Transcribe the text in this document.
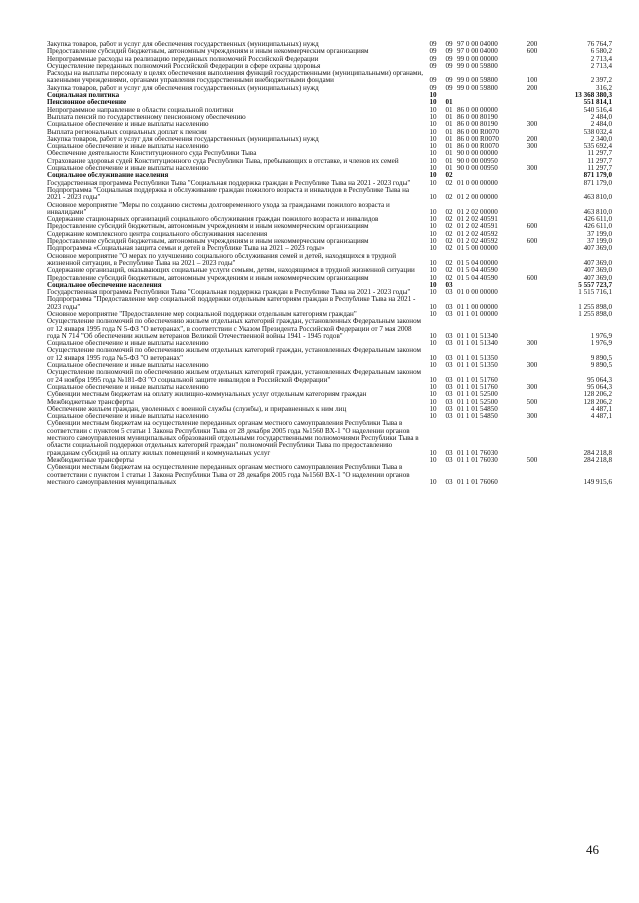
Закупка товаров, работ и услуг для обеспечения государственных (муниципальных) нужд	09	09	97 0 00 04000	200	76 764,7
Предоставление субсидий бюджетным, автономным учреждениям и иным некоммерческим организациям	09	09	97 0 00 04000	600	6 580,2
Непрограммные расходы на реализацию переданных полномочий Российской Федерации	09	09	99 0 00 00000		2 713,4
Осуществление переданных полномочий Российской Федерации в сфере охраны здоровья	09	09	99 0 00 59800		2 713,4
Расходы на выплаты персоналу в целях обеспечения выполнения функций государственными (муниципальными) органами, казенными учреждениями, органами управления государственными внебюджетными фондами	09	09	99 0 00 59800	100	2 397,2
Закупка товаров, работ и услуг для обеспечения государственных (муниципальных) нужд	09	09	99 0 00 59800	200	316,2
Социальная политика	10				13 368 380,3
Пенсионное обеспечение	10	01			551 814,1
Непрограммное направление в области социальной политики	10	01	86 0 00 00000		540 516,4
Выплата пенсий по государственному пенсионному обеспечению	10	01	86 0 00 80190		2 484,0
Социальное обеспечение и иные выплаты населению	10	01	86 0 00 80190	300	2 484,0
Выплата региональных социальных доплат к пенсии	10	01	86 0 00 R0070		538 032,4
Закупка товаров, работ и услуг для обеспечения государственных (муниципальных) нужд	10	01	86 0 00 R0070	200	2 340,0
Социальное обеспечение и иные выплаты населению	10	01	86 0 00 R0070	300	535 692,4
Обеспечение деятельности Конституционного суда Республики Тыва	10	01	90 0 00 00000		11 297,7
Страхование здоровья судей Конституционного суда Республики Тыва, пребывающих в отставке, и членов их семей	10	01	90 0 00 00950		11 297,7
Социальное обеспечение и иные выплаты населению	10	01	90 0 00 00950	300	11 297,7
Социальное обслуживание населения	10	02			871 179,0
Государственная программа Республики Тыва "Социальная поддержка граждан в Республике Тыва на 2021 - 2023 годы"	10	02	01 0 00 00000		871 179,0
Подпрограмма "Социальная поддержка и обслуживание граждан пожилого возраста и инвалидов в Республике Тыва на 2021 - 2023 годы"	10	02	01 2 00 00000		463 810,0
Основное мероприятие "Меры по созданию системы долговременного ухода за гражданами пожилого возраста и инвалидами"	10	02	01 2 02 00000		463 810,0
Содержание стационарных организаций социального обслуживания граждан пожилого возраста и инвалидов	10	02	01 2 02 40591		426 611,0
Предоставление субсидий бюджетным, автономным учреждениям и иным некоммерческим организациям	10	02	01 2 02 40591	600	426 611,0
Содержание комплексного центра социального обслуживания населения	10	02	01 2 02 40592		37 199,0
Предоставление субсидий бюджетным, автономным учреждениям и иным некоммерческим организациям	10	02	01 2 02 40592	600	37 199,0
Подпрограмма «Социальная защита семьи и детей в Республике Тыва на 2021 – 2023 годы»	10	02	01 5 00 00000		407 369,0
Основное мероприятие "О мерах по улучшению социального обслуживания семей и детей, находящихся в трудной жизненной ситуации, в Республике Тыва на 2021 – 2023 годы"	10	02	01 5 04 00000		407 369,0
Содержание организаций, оказывающих социальные услуги семьям, детям, находящимся в трудной жизненной ситуации	10	02	01 5 04 40590		407 369,0
Предоставление субсидий бюджетным, автономным учреждениям и иным некоммерческим организациям	10	02	01 5 04 40590	600	407 369,0
Социальное обеспечение населения	10	03			5 557 723,7
Государственная программа Республики Тыва "Социальная поддержка граждан в Республике Тыва на 2021 - 2023 годы"	10	03	01 0 00 00000		1 515 716,1
Подпрограмма "Предоставление мер социальной поддержки отдельным категориям граждан в Республике Тыва на 2021 - 2023 годы"	10	03	01 1 00 00000		1 255 898,0
Основное мероприятие "Предоставление мер социальной поддержки отдельным категориям граждан"	10	03	01 1 01 00000		1 255 898,0
Осуществление полномочий по обеспечению жильем отдельных категорий граждан, установленных Федеральным законом от 12 января 1995 года N 5-ФЗ "О ветеранах", в соответствии с Указом Президента Российской Федерации от 7 мая 2008 года N 714 "Об обеспечении жильем ветеранов Великой Отечественной войны 1941 - 1945 годов"	10	03	01 1 01 51340		1 976,9
Социальное обеспечение и иные выплаты населению	10	03	01 1 01 51340	300	1 976,9
Осуществление полномочий по обеспечению жильем отдельных категорий граждан, установленных Федеральным законом от 12 января 1995 года №5-ФЗ "О ветеранах"	10	03	01 1 01 51350		9 890,5
Социальное обеспечение и иные выплаты населению	10	03	01 1 01 51350	300	9 890,5
Осуществление полномочий по обеспечению жильем отдельных категорий граждан, установленных Федеральным законом от 24 ноября 1995 года №181-ФЗ "О социальной защите инвалидов в Российской Федерации"	10	03	01 1 01 51760		95 064,3
Социальное обеспечение и иные выплаты населению	10	03	01 1 01 51760	300	95 064,3
Субвенции местным бюджетам на оплату жилищно-коммунальных услуг отдельным категориям граждан	10	03	01 1 01 52500		128 206,2
Межбюджетные трансферты	10	03	01 1 01 52500	500	128 206,2
Обеспечение жильем граждан, уволенных с военной службы (службы), и приравненных к ним лиц	10	03	01 1 01 54850		4 487,1
Социальное обеспечение и иные выплаты населению	10	03	01 1 01 54850	300	4 487,1
Субвенции местным бюджетам на осуществление переданных органам местного самоуправления Республики Тыва в соответствии с пунктом 5 статьи 1 Закона Республики Тыва от 28 декабря 2005 года №1560 ВХ-1 "О наделении органов местного самоуправления муниципальных образований отдельными государственными полномочиями Республики Тыва в области социальной поддержки отдельных категорий граждан" полномочий Республики Тыва по предоставлению гражданам субсидий на оплату жилых помещений и коммунальных услуг	10	03	01 1 01 76030		284 218,8
Межбюджетные трансферты	10	03	01 1 01 76030	500	284 218,8
Субвенции местным бюджетам на осуществление переданных органам местного самоуправления Республики Тыва в соответствии с пунктом 1 статьи 1 Закона Республики Тыва от 28 декабря 2005 года №1560 ВХ-1 "О наделении органов местного самоуправления муниципальных	10	03	01 1 01 76060		149 915,6
46
